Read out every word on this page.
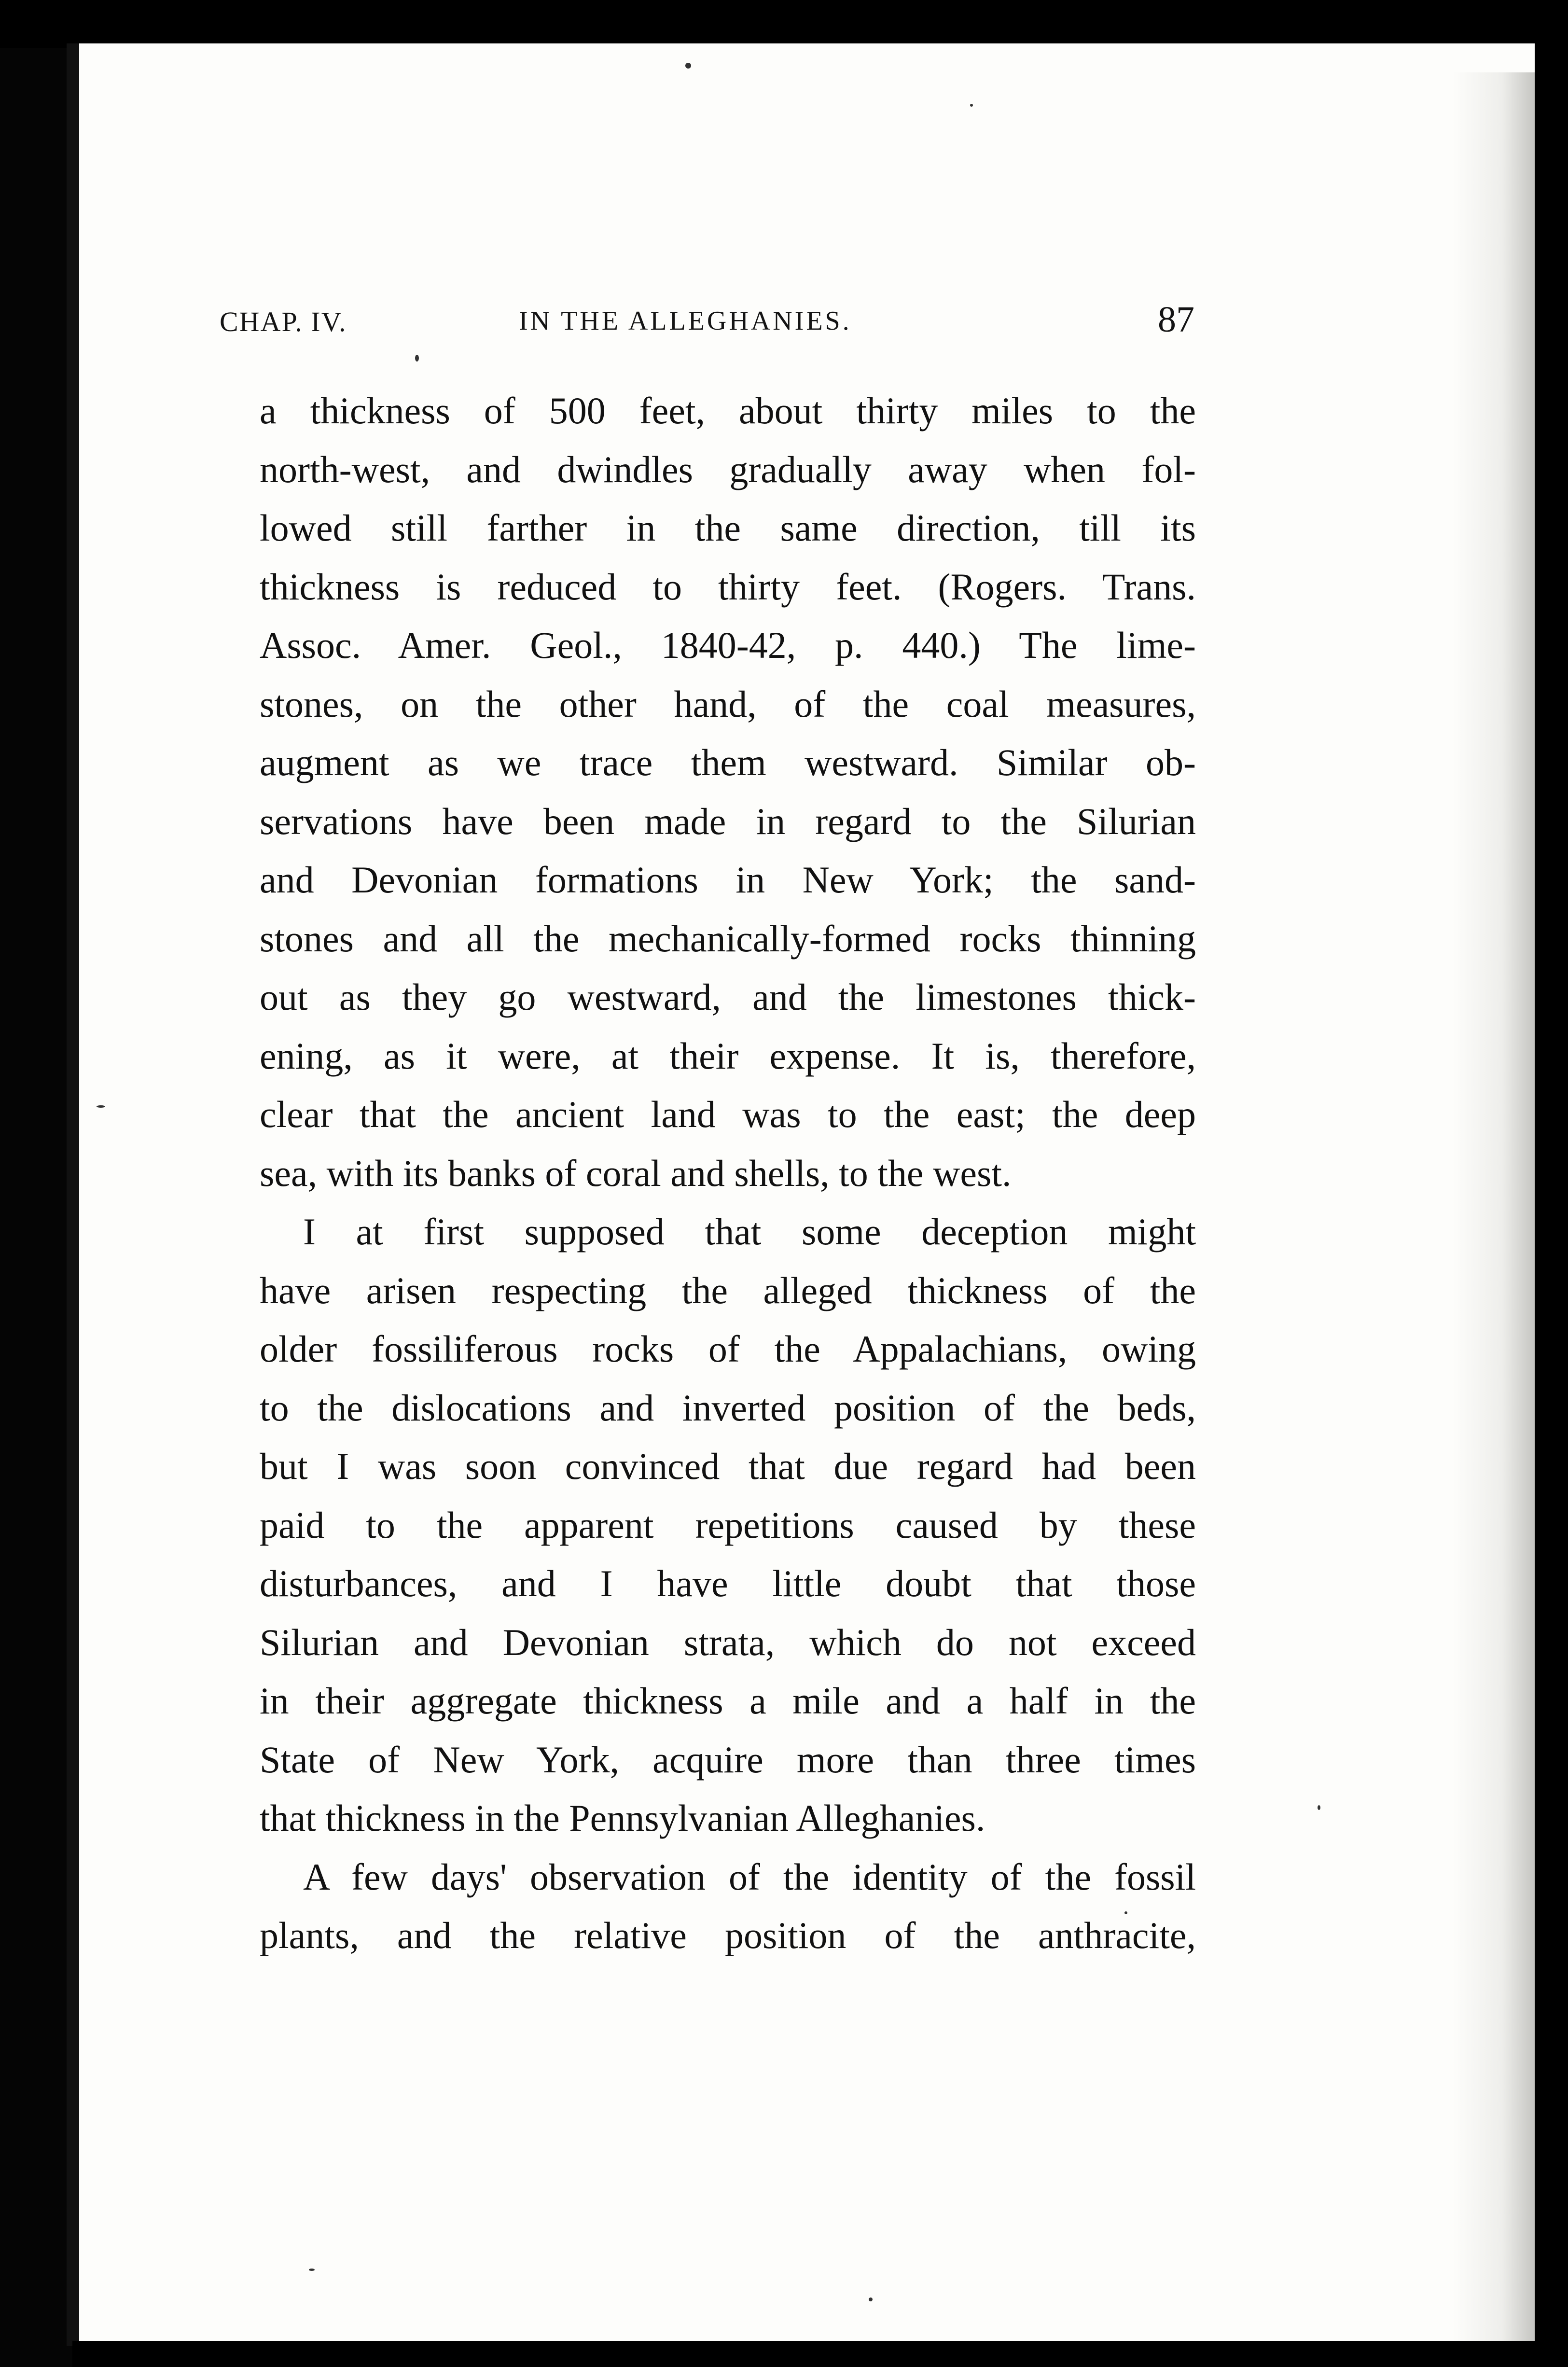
CHAP. IV.	IN THE ALLEGHANIES.	87
a thickness of 500 feet, about thirty miles to the
north-west, and dwindles gradually away when fol-
lowed still farther in the same direction, till its
thickness is reduced to thirty feet. (Rogers. Trans.
Assoc. Amer. Geol., 1840-42, p. 440.) The lime-
stones, on the other hand, of the coal measures,
augment as we trace them westward. Similar ob-
servations have been made in regard to the Silurian
and Devonian formations in New York; the sand-
stones and all the mechanically-formed rocks thinning
out as they go westward, and the limestones thick-
ening, as it were, at their expense. It is, therefore,
clear that the ancient land was to the east; the deep
sea, with its banks of coral and shells, to the west.
I at first supposed that some deception might
have arisen respecting the alleged thickness of the
older fossiliferous rocks of the Appalachians, owing
to the dislocations and inverted position of the beds,
but I was soon convinced that due regard had been
paid to the apparent repetitions caused by these
disturbances, and I have little doubt that those
Silurian and Devonian strata, which do not exceed
in their aggregate thickness a mile and a half in the
State of New York, acquire more than three times
that thickness in the Pennsylvanian Alleghanies.
A few days' observation of the identity of the fossil
plants, and the relative position of the anthracite,
